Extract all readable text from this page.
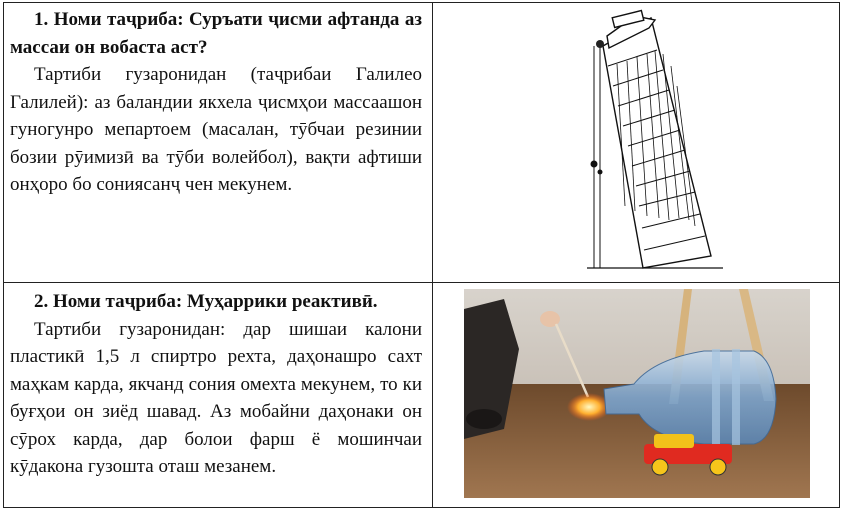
1. Номи таҷриба: Суръати ҷисми афтанда аз массаи он вобаста аст?
Тартиби гузаронидан (таҷрибаи Галилео Галилей): аз баландии якхела ҷисмҳои массаашон гуногунро мепартоем (масалан, тӯбчаи резинии бозии рӯимизӣ ва тӯби волейбол), вақти афтиши онҳоро бо сониясанҷ чен мекунем.
2. Номи таҷриба: Муҳаррики реактивӣ.
Тартиби гузаронидан: дар шишаи калони пластикӣ 1,5 л спиртро рехта, даҳонашро сахт маҳкам карда, якчанд сония омехта мекунем, то ки буғҳои он зиёд шавад. Аз мобайни даҳонаки он сӯрох карда, дар болои фарш ё мошинчаи кӯдакона гузошта оташ мезанем.
